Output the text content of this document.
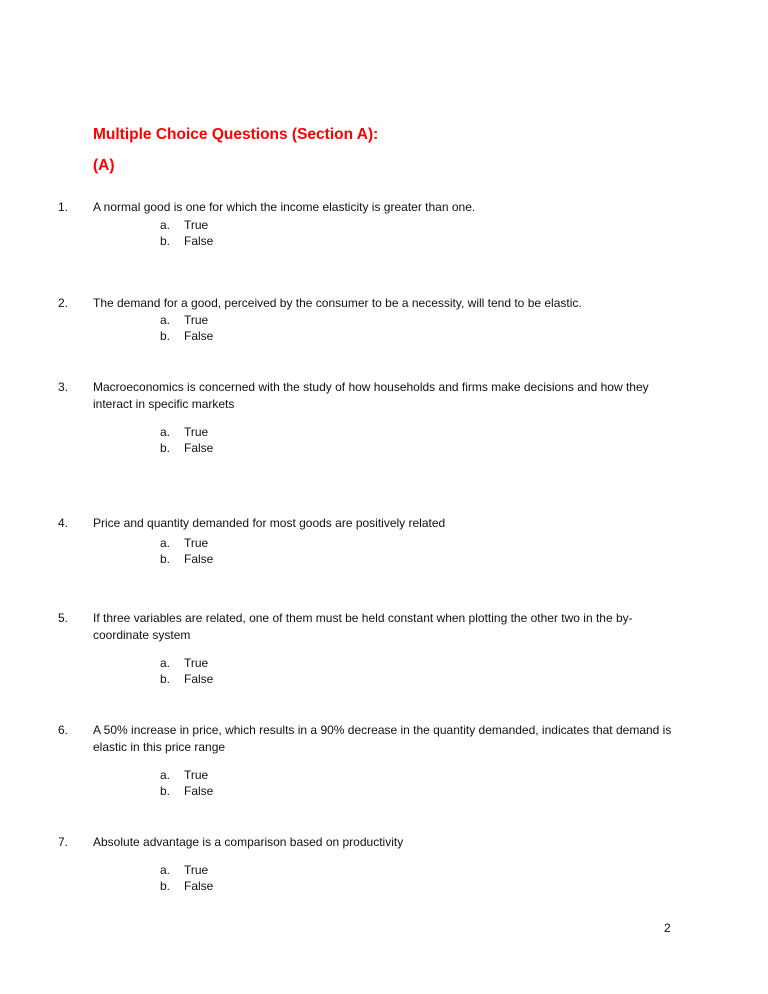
Multiple Choice Questions (Section A):
(A)
1. A normal good is one for which the income elasticity is greater than one.
a. True
b. False
2. The demand for a good, perceived by the consumer to be a necessity, will tend to be elastic.
a. True
b. False
3. Macroeconomics is concerned with the study of how households and firms make decisions and how they interact in specific markets
a. True
b. False
4. Price and quantity demanded for most goods are positively related
a. True
b. False
5. If three variables are related, one of them must be held constant when plotting the other two in the by-coordinate system
a. True
b. False
6. A 50% increase in price, which results in a 90% decrease in the quantity demanded, indicates that demand is elastic in this price range
a. True
b. False
7. Absolute advantage is a comparison based on productivity
a. True
b. False
2
